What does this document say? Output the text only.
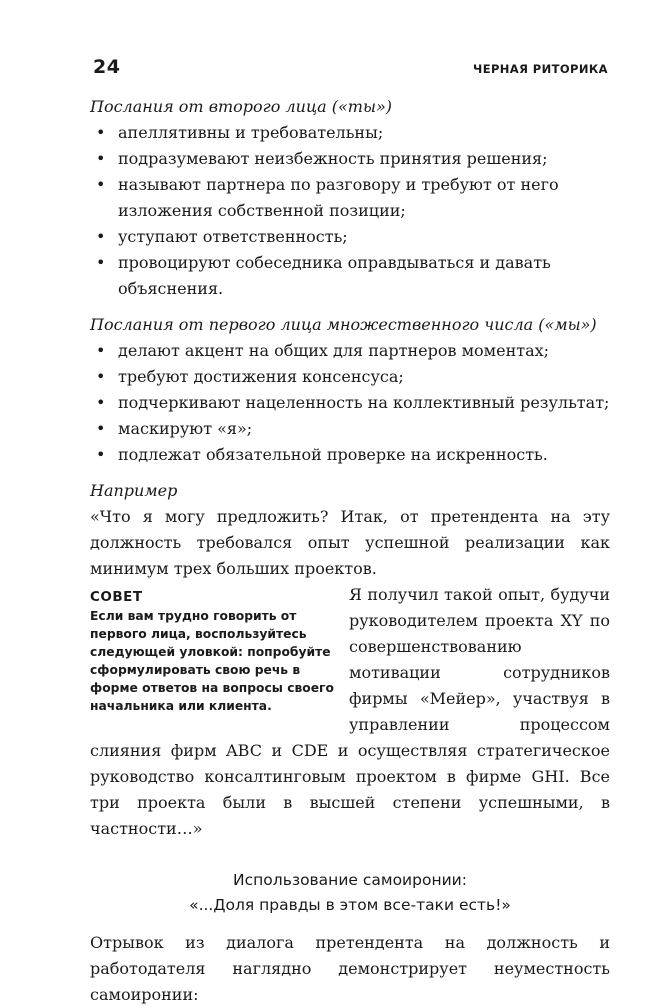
24	ЧЕРНАЯ РИТОРИКА

Послания от второго лица («ты»)

• апеллятивны и требовательны;
• подразумевают неизбежность принятия решения;
• называют партнера по разговору и требуют от него изложения собственной позиции;
• уступают ответственность;
• провоцируют собеседника оправдываться и давать объяснения.

Послания от первого лица множественного числа («мы»)

• делают акцент на общих для партнеров моментах;
• требуют достижения консенсуса;
• подчеркивают нацеленность на коллективный результат;
• маскируют «я»;
• подлежат обязательной проверке на искренность.

Например

«Что я могу предложить? Итак, от претендента на эту должность требовался опыт успешной реализации как минимум трех больших проектов.

СОВЕТ
Если вам трудно говорить от первого лица, воспользуйтесь следующей уловкой: попробуйте сформулировать свою речь в форме ответов на вопросы своего начальника или клиента.

Я получил такой опыт, будучи руководителем проекта XY по совершенствованию мотивации сотрудников фирмы «Мейер», участвуя в управлении процессом слияния фирм ABC и CDE и осуществляя стратегическое руководство консалтинговым проектом в фирме GHI. Все три проекта были в высшей степени успешными, в частности…»

Использование самоиронии:
«...Доля правды в этом все-таки есть!»

Отрывок из диалога претендента на должность и работодателя наглядно демонстрирует неуместность самоиронии:
